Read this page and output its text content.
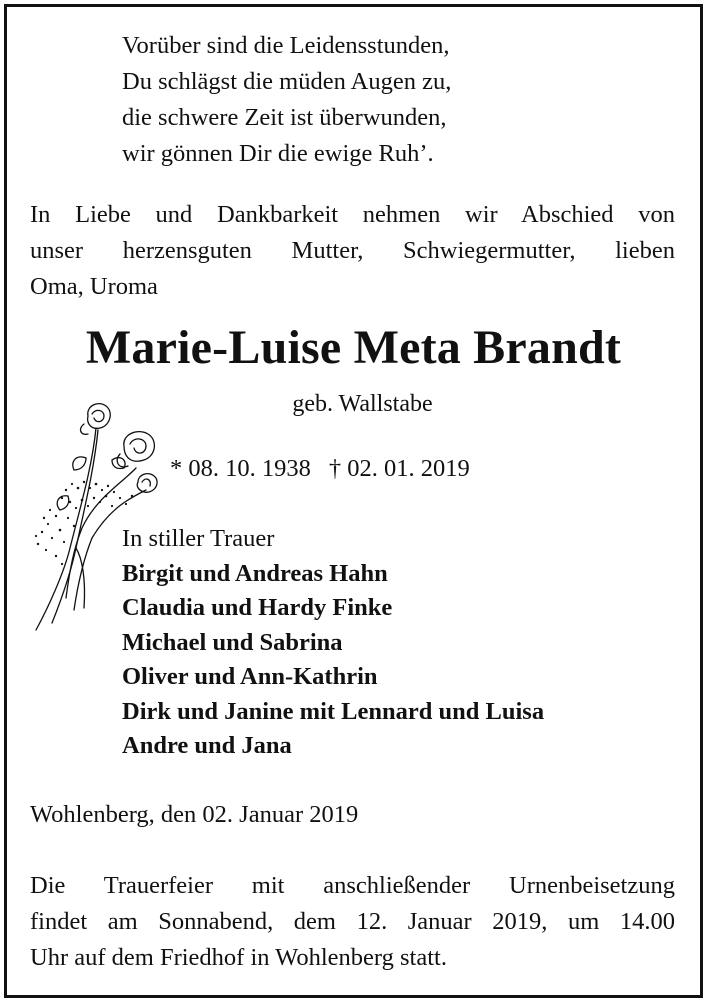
Vorüber sind die Leidensstunden,
Du schlägst die müden Augen zu,
die schwere Zeit ist überwunden,
wir gönnen Dir die ewige Ruh’.
In Liebe und Dankbarkeit nehmen wir Abschied von
unser herzensguten Mutter, Schwiegermutter, lieben
Oma, Uroma
Marie-Luise Meta Brandt
geb. Wallstabe
* 08. 10. 1938 † 02. 01. 2019
In stiller Trauer
Birgit und Andreas Hahn
Claudia und Hardy Finke
Michael und Sabrina
Oliver und Ann-Kathrin
Dirk und Janine mit Lennard und Luisa
Andre und Jana
Wohlenberg, den 02. Januar 2019
Die Trauerfeier mit anschließender Urnenbeisetzung
findet am Sonnabend, dem 12. Januar 2019, um 14.00
Uhr auf dem Friedhof in Wohlenberg statt.
